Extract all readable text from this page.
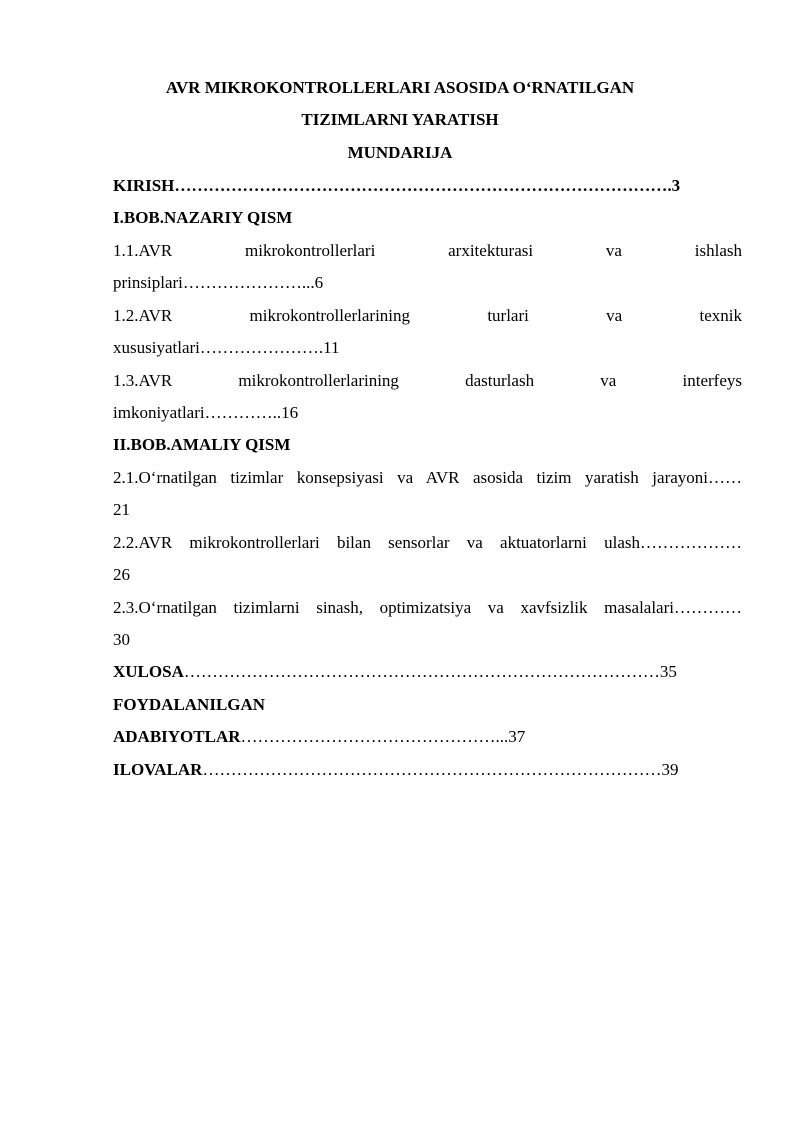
AVR MIKROKONTROLLERLARI ASOSIDA O‘RNATILGAN
TIZIMLARNI YARATISH
MUNDARIJA
KIRISH…………………………………………………………………………….3
I.BOB.NAZARIY QISM
1.1.AVR mikrokontrollerlari arxitekturasi va ishlash
prinsiplari…………………...6
1.2.AVR mikrokontrollerlarining turlari va texnik
xususiyatlari………………….11
1.3.AVR mikrokontrollerlarining dasturlash va interfeys
imkoniyatlari…………..16
II.BOB.AMALIY QISM
2.1.O‘rnatilgan tizimlar konsepsiyasi va AVR asosida tizim yaratish jarayoni……
21
2.2.AVR mikrokontrollerlari bilan sensorlar va aktuatorlarni ulash………………
26
2.3.O‘rnatilgan tizimlarni sinash, optimizatsiya va xavfsizlik masalalari…………
30
XULOSA…………………………………………………………………………35
FOYDALANILGAN
ADABIYOTLAR………………………………………...37
ILOVALAR………………………………………………………………………39
